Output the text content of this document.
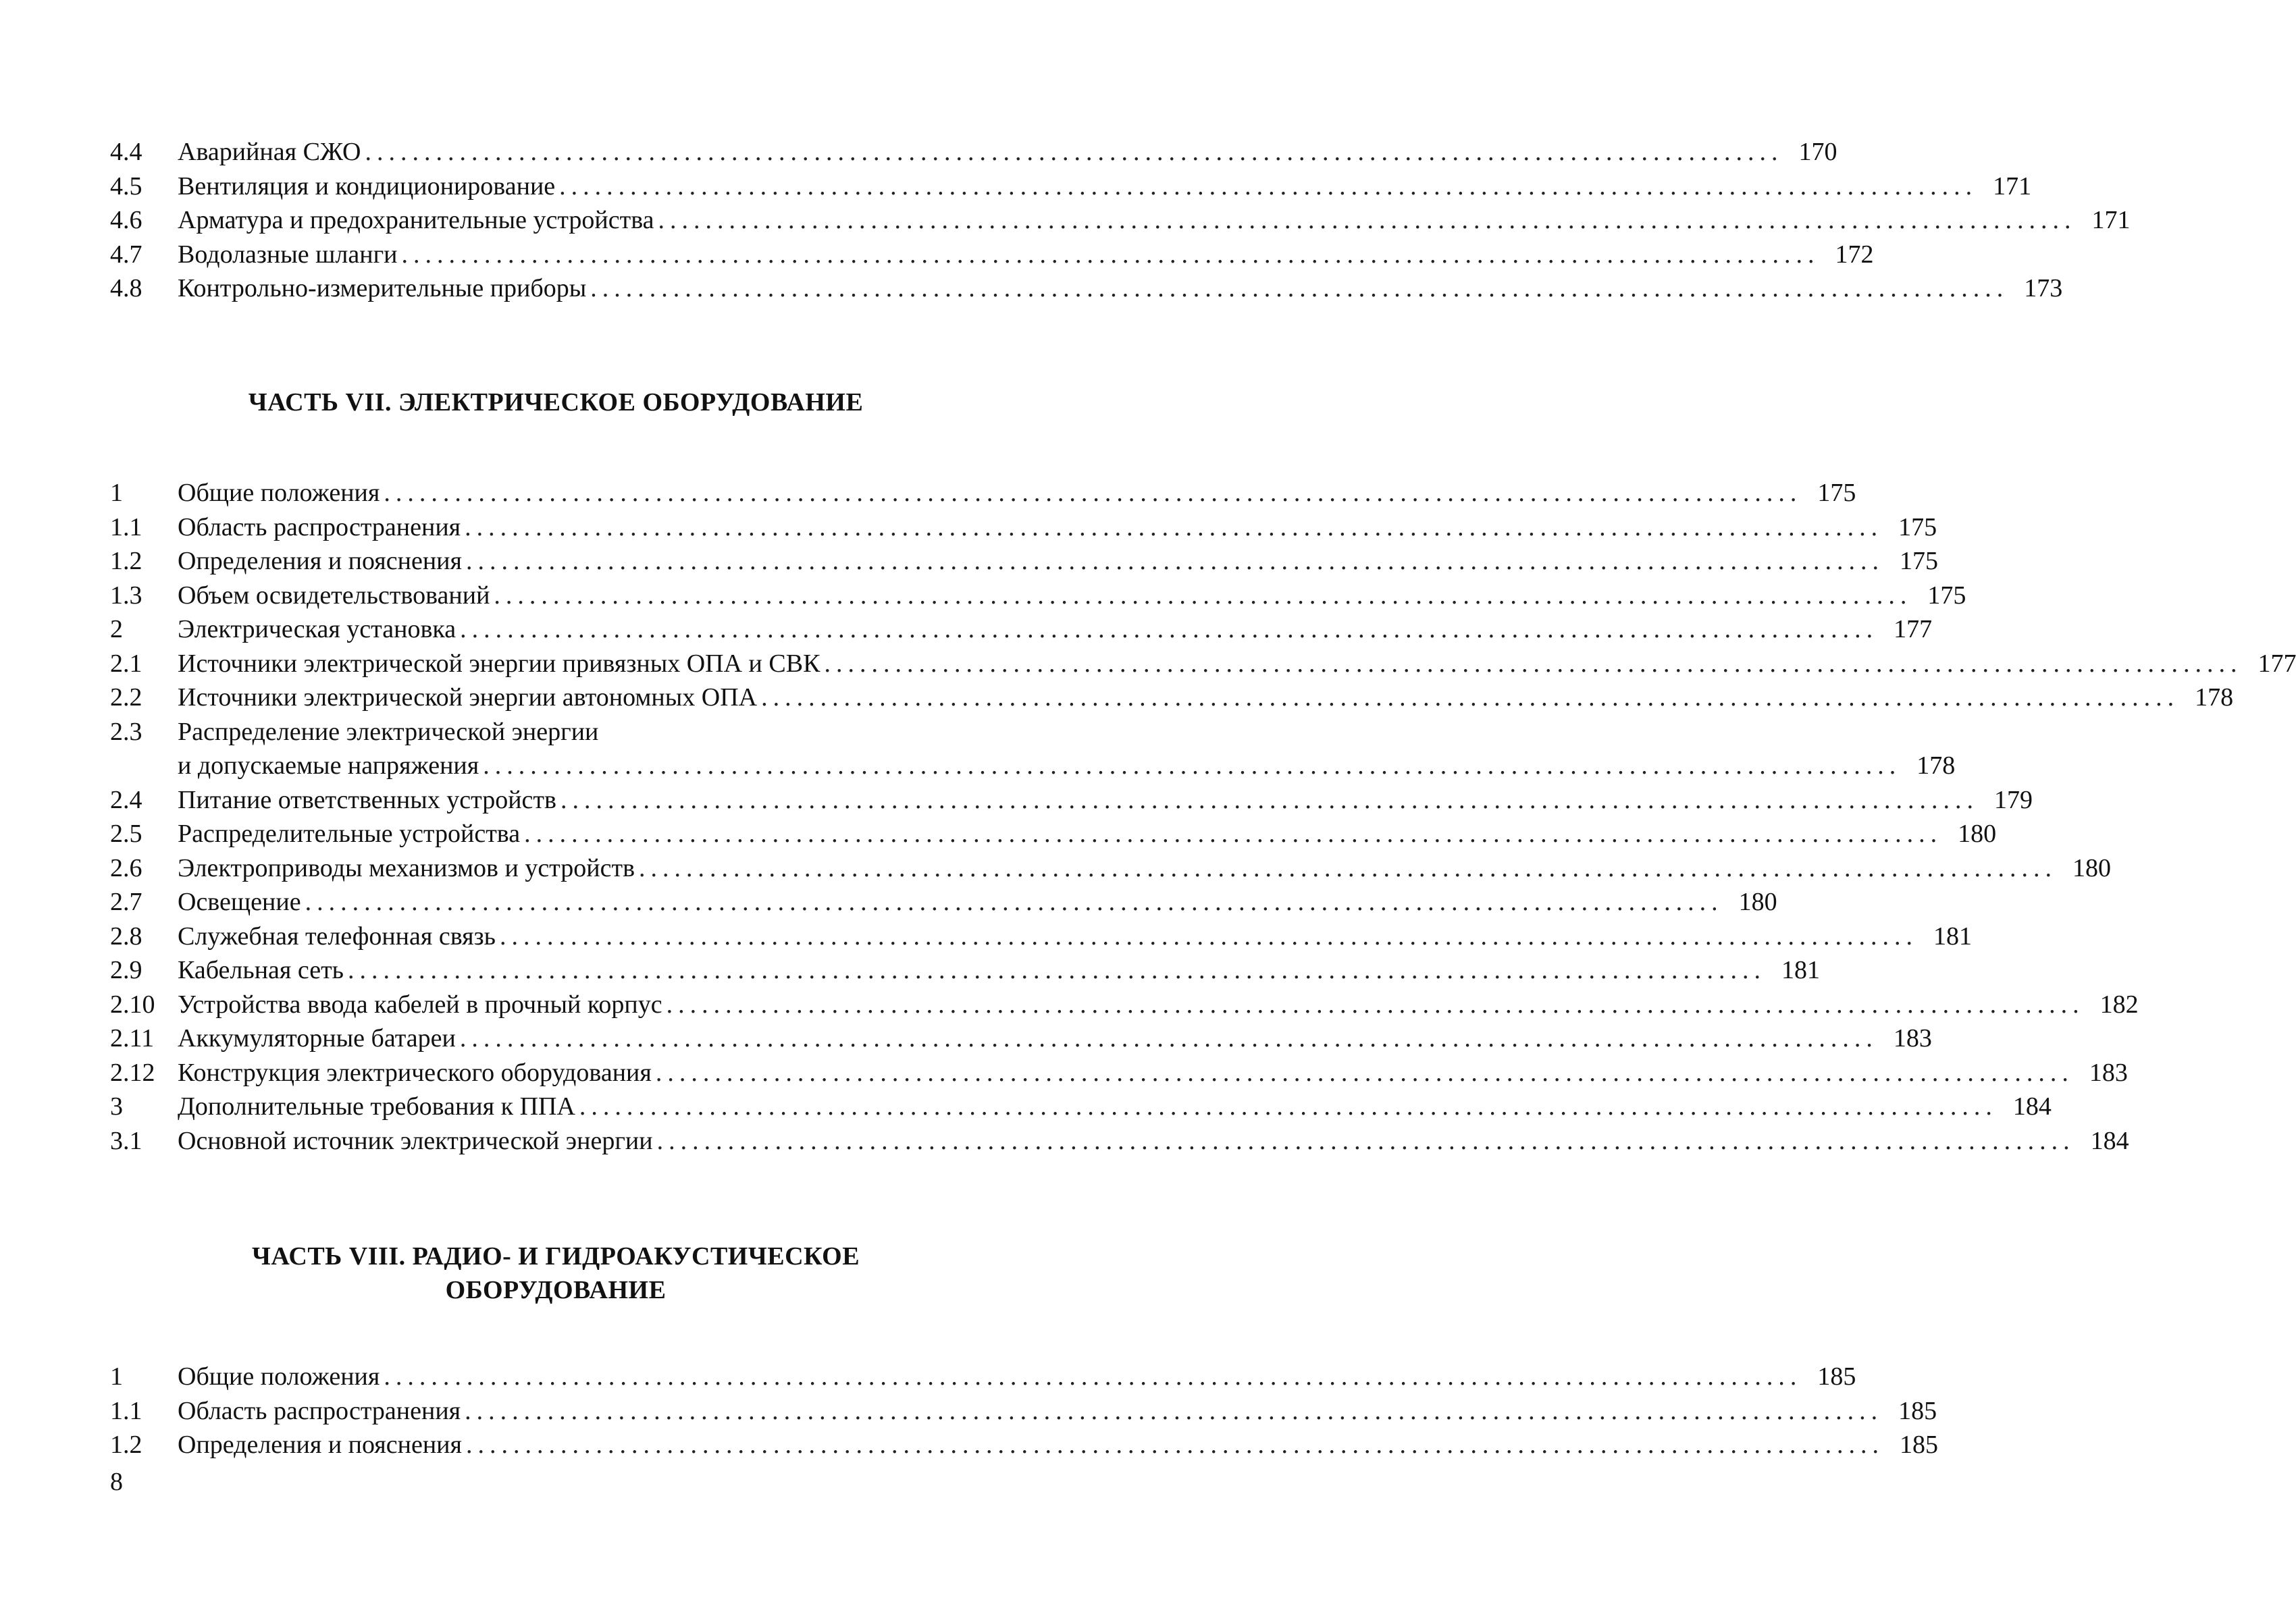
4.4	Аварийная СЖО ........................................................................................................................ 170
4.5	Вентиляция и кондиционирование ........................................................................................................................ 171
4.6	Арматура и предохранительные устройства ........................................................................................................................ 171
4.7	Водолазные шланги ........................................................................................................................ 172
4.8	Контрольно-измерительные приборы ........................................................................................................................ 173
ЧАСТЬ VII. ЭЛЕКТРИЧЕСКОЕ ОБОРУДОВАНИЕ
1	Общие положения ........................................................................................................................ 175
1.1	Область распространения ........................................................................................................................ 175
1.2	Определения и пояснения ........................................................................................................................ 175
1.3	Объем освидетельствований ........................................................................................................................ 175
2	Электрическая установка ........................................................................................................................ 177
2.1	Источники электрической энергии привязных ОПА и СВК ........................................................................................................................ 177
2.2	Источники электрической энергии автономных ОПА ........................................................................................................................ 178
2.3	Распределение электрической энергии
и допускаемые напряжения ........................................................................................................................ 178
2.4	Питание ответственных устройств ........................................................................................................................ 179
2.5	Распределительные устройства ........................................................................................................................ 180
2.6	Электроприводы механизмов и устройств ........................................................................................................................ 180
2.7	Освещение ........................................................................................................................ 180
2.8	Служебная телефонная связь ........................................................................................................................ 181
2.9	Кабельная сеть ........................................................................................................................ 181
2.10 Устройства ввода кабелей в прочный корпус ........................................................................................................................ 182
2.11 Аккумуляторные батареи ........................................................................................................................ 183
2.12 Конструкция электрического оборудования ........................................................................................................................ 183
3	Дополнительные требования к ППА ........................................................................................................................ 184
3.1	Основной источник электрической энергии ........................................................................................................................ 184
ЧАСТЬ VIII. РАДИО- И ГИДРОАКУСТИЧЕСКОЕ
ОБОРУДОВАНИЕ
1	Общие положения ........................................................................................................................ 185
1.1	Область распространения ........................................................................................................................ 185
1.2	Определения и пояснения ........................................................................................................................ 185
8
